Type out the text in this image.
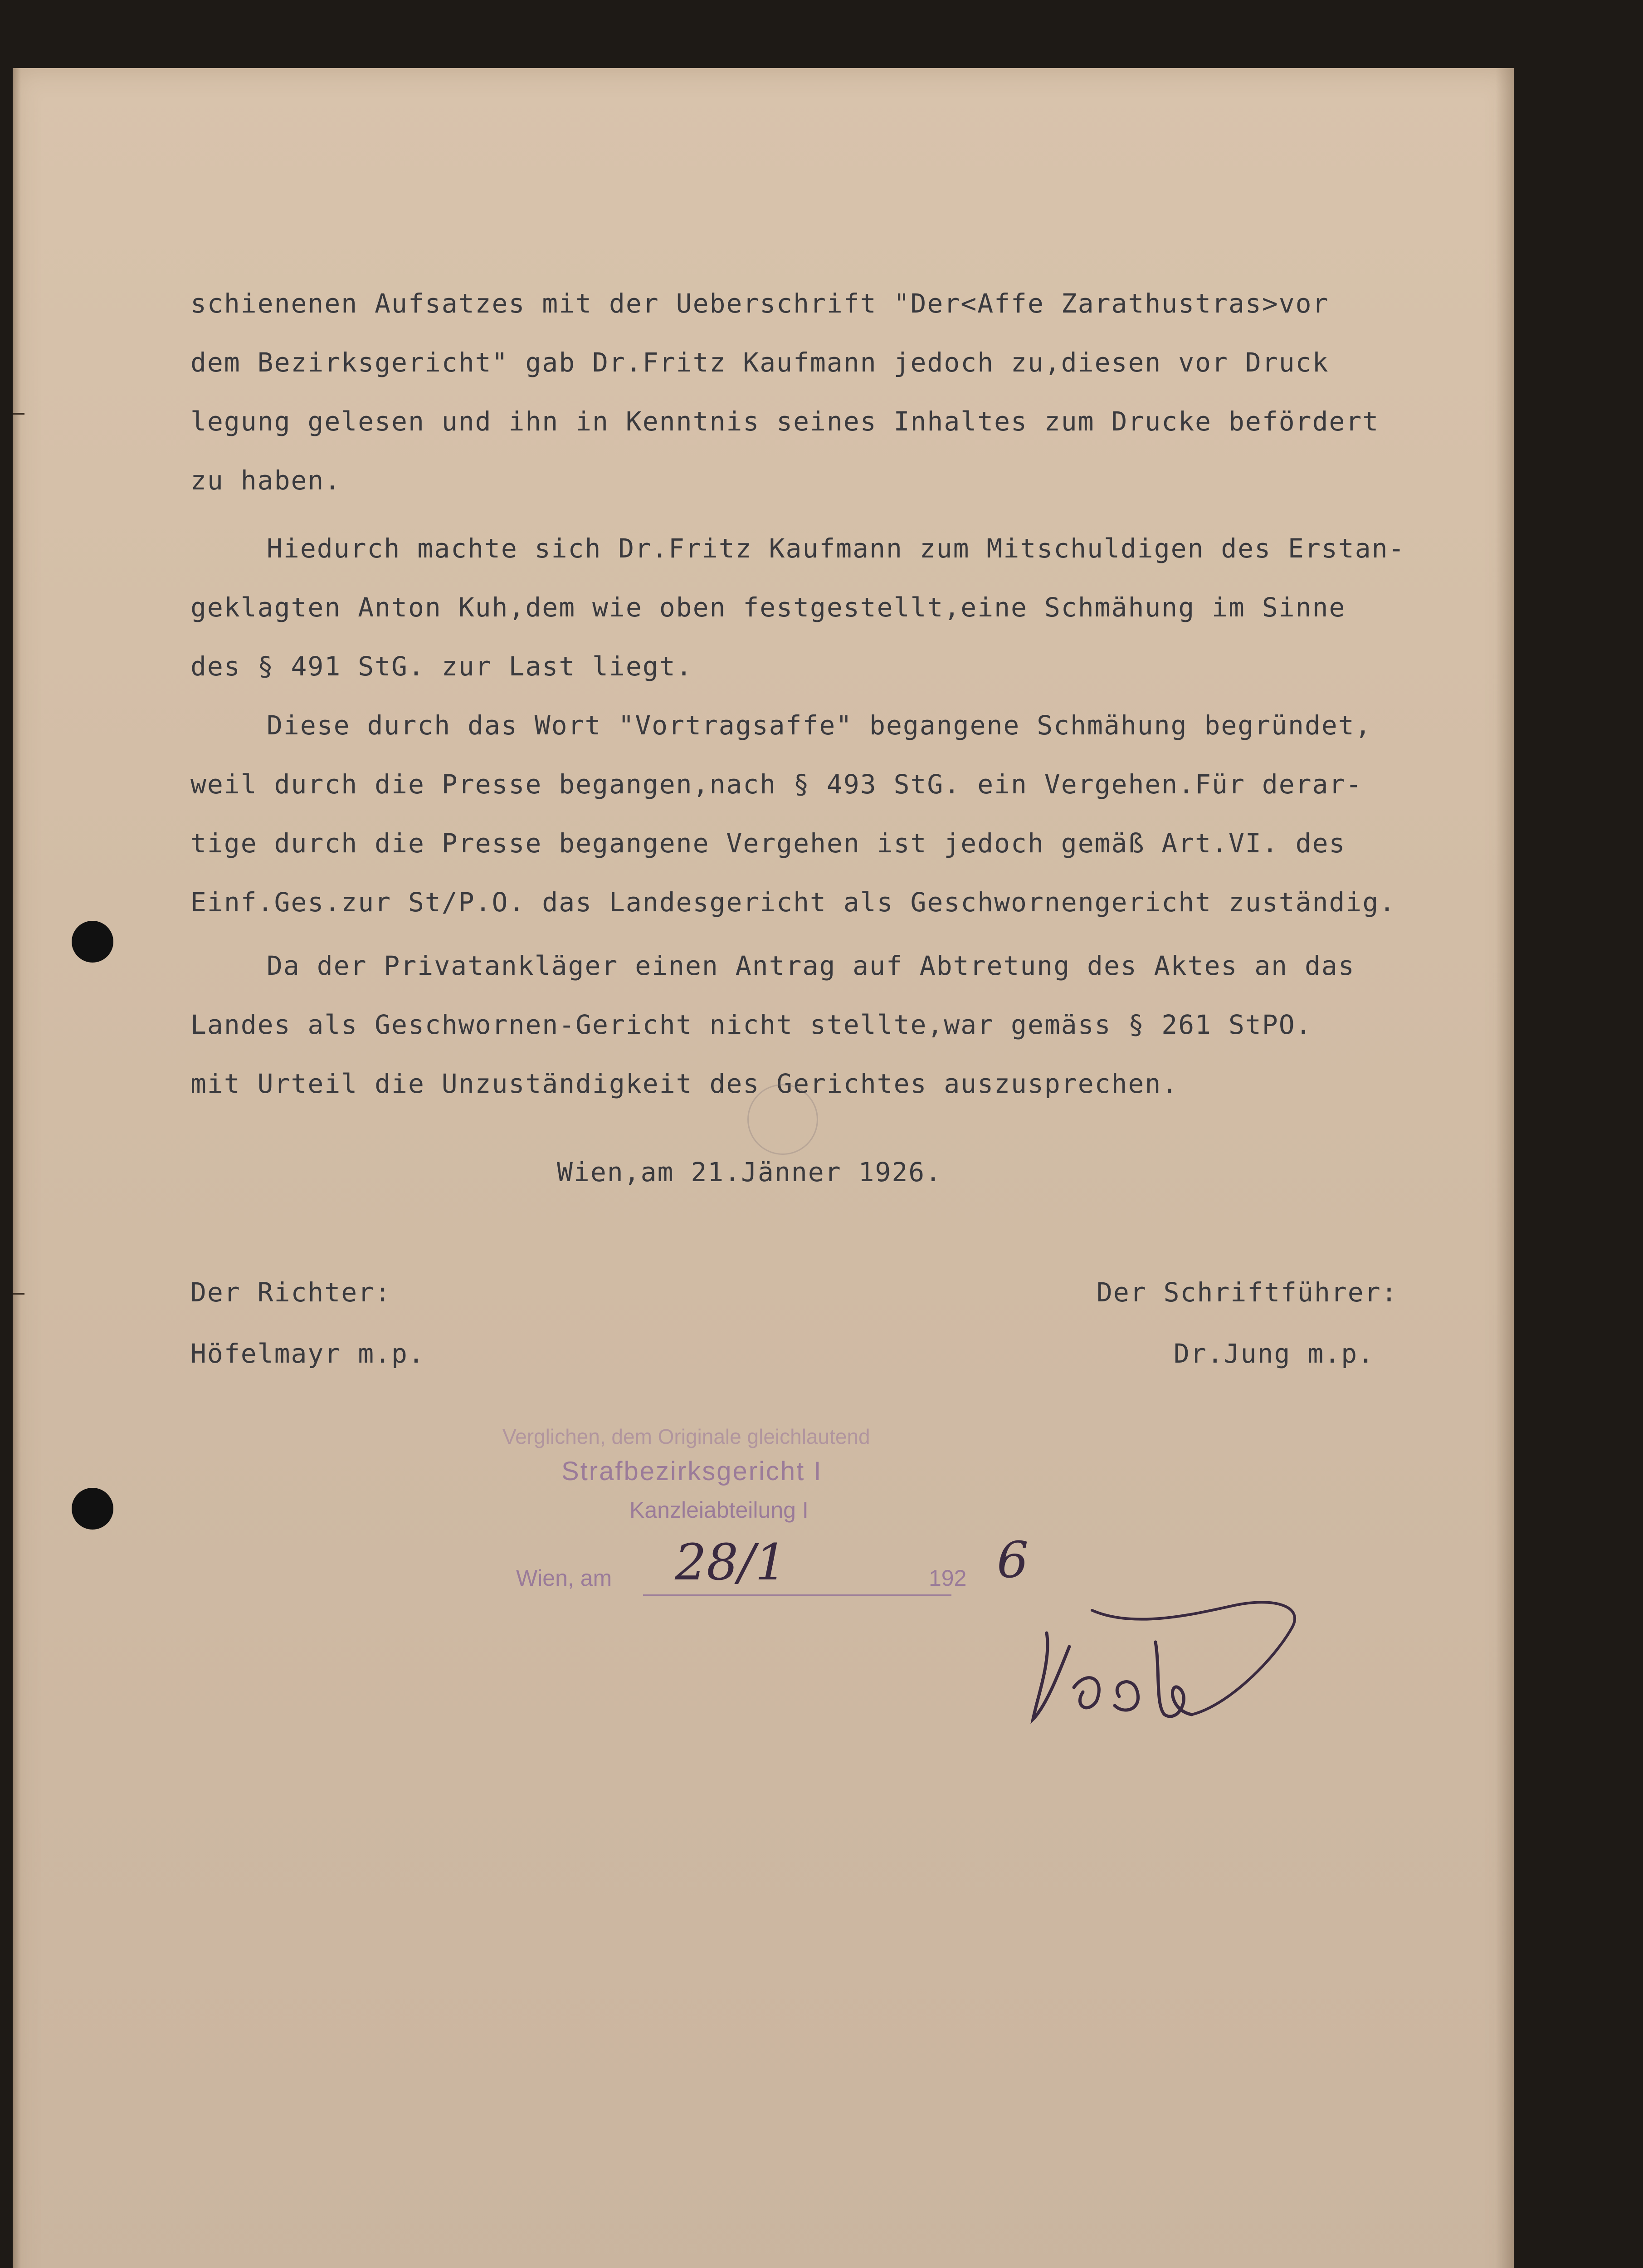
schienenen Aufsatzes mit der Ueberschrift "Der<Affe Zarathustras>vor

dem Bezirksgericht" gab Dr.Fritz Kaufmann jedoch zu,diesen vor Druck

legung gelesen und ihn in Kenntnis seines Inhaltes zum Drucke befördert

zu haben.

Hiedurch machte sich Dr.Fritz Kaufmann zum Mitschuldigen des Erstan-

geklagten Anton Kuh,dem wie oben festgestellt,eine Schmähung im Sinne

des § 491 StG. zur Last liegt.

Diese durch das Wort "Vortragsaffe" begangene Schmähung begründet,

weil durch die Presse begangen,nach § 493 StG. ein Vergehen.Für derar-

tige durch die Presse begangene Vergehen ist jedoch gemäß Art.VI. des

Einf.Ges.zur St/P.O. das Landesgericht als Geschwornengericht zuständig.

Da der Privatankläger einen Antrag auf Abtretung des Aktes an das

Landes als Geschwornen-Gericht nicht stellte,war gemäss § 261 StPO.

mit Urteil die Unzuständigkeit des Gerichtes auszusprechen.

Wien,am 21.Jänner 1926.

Der Richter:

Höfelmayr m.p.

Der Schriftführer:

Dr.Jung m.p.

Verglichen, dem Originale gleichlautend
Strafbezirksgericht I
Kanzleiabteilung I
Wien, am	192
28/1	6
